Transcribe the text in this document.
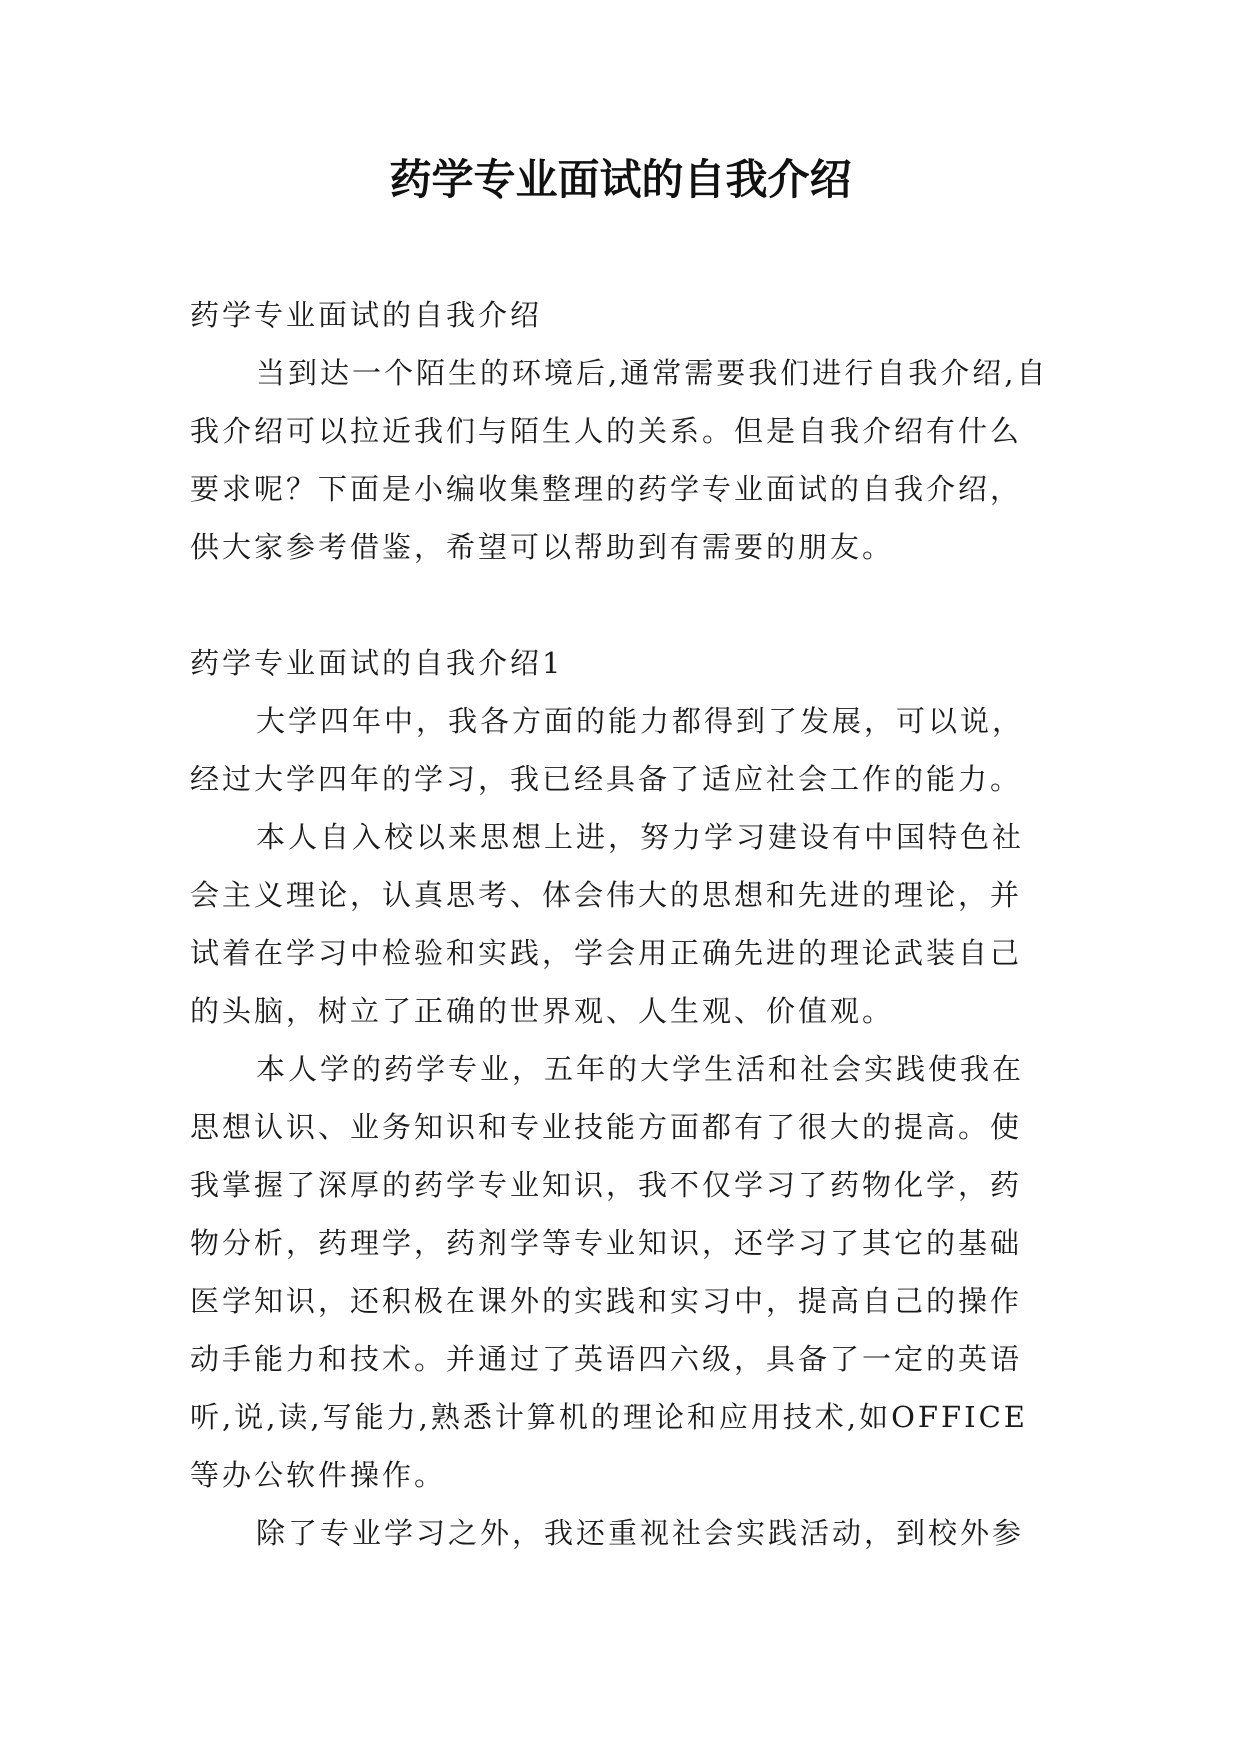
药学专业面试的自我介绍

药学专业面试的自我介绍

当到达一个陌生的环境后,通常需要我们进行自我介绍,自我介绍可以拉近我们与陌生人的关系。但是自我介绍有什么要求呢？下面是小编收集整理的药学专业面试的自我介绍，供大家参考借鉴，希望可以帮助到有需要的朋友。

药学专业面试的自我介绍1

大学四年中，我各方面的能力都得到了发展，可以说，经过大学四年的学习，我已经具备了适应社会工作的能力。

本人自入校以来思想上进，努力学习建设有中国特色社会主义理论，认真思考、体会伟大的思想和先进的理论，并试着在学习中检验和实践，学会用正确先进的理论武装自己的头脑，树立了正确的世界观、人生观、价值观。

本人学的药学专业，五年的大学生活和社会实践使我在思想认识、业务知识和专业技能方面都有了很大的提高。使我掌握了深厚的药学专业知识，我不仅学习了药物化学，药物分析，药理学，药剂学等专业知识，还学习了其它的基础医学知识，还积极在课外的实践和实习中，提高自己的操作动手能力和技术。并通过了英语四六级，具备了一定的英语听,说,读,写能力,熟悉计算机的理论和应用技术,如OFFICE等办公软件操作。

除了专业学习之外，我还重视社会实践活动，到校外参
